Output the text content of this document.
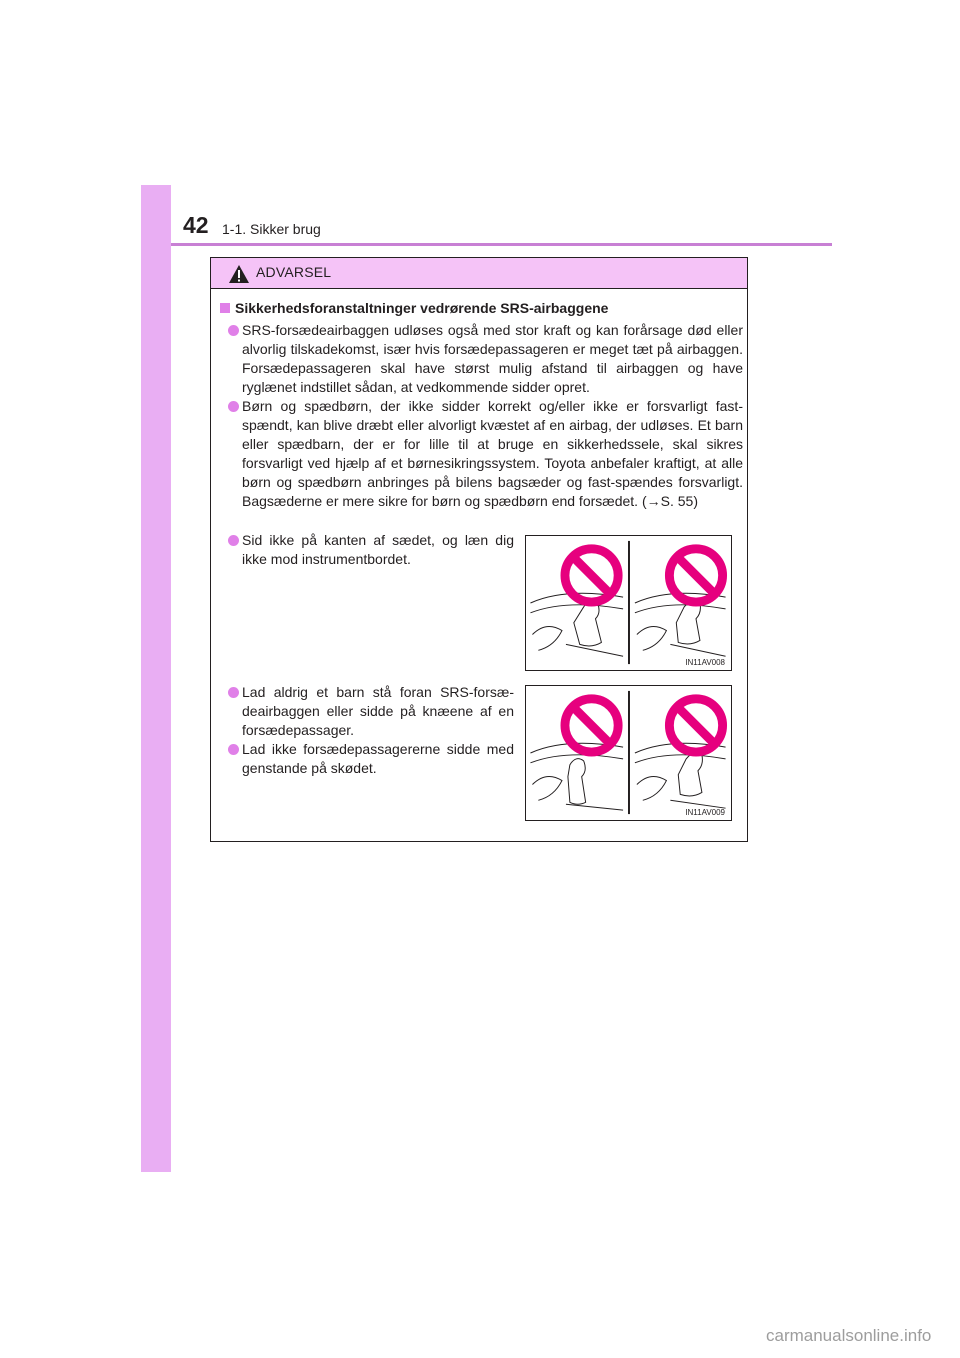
42 1-1. Sikker brug
ADVARSEL
Sikkerhedsforanstaltninger vedrørende SRS-airbaggene
SRS-forsædeairbaggen udløses også med stor kraft og kan forårsage død eller alvorlig tilskadekomst, især hvis forsædepassageren er meget tæt på airbaggen. Forsædepassageren skal have størst mulig afstand til airbaggen og have ryglænet indstillet sådan, at vedkommende sidder opret.
Børn og spædbørn, der ikke sidder korrekt og/eller ikke er forsvarligt fast-spændt, kan blive dræbt eller alvorligt kvæstet af en airbag, der udløses. Et barn eller spædbarn, der er for lille til at bruge en sikkerhedssele, skal sikres forsvarligt ved hjælp af et børnesikringssystem. Toyota anbefaler kraftigt, at alle børn og spædbørn anbringes på bilens bagsæder og fast-spændes forsvarligt. Bagsæderne er mere sikre for børn og spædbørn end forsædet. (→S. 55)
Sid ikke på kanten af sædet, og læn dig ikke mod instrumentbordet.
Lad aldrig et barn stå foran SRS-forsæ-deairbaggen eller sidde på knæene af en forsædepassager.
Lad ikke forsædepassagererne sidde med genstande på skødet.
IN11AV008
IN11AV009
carmanualsonline.info
